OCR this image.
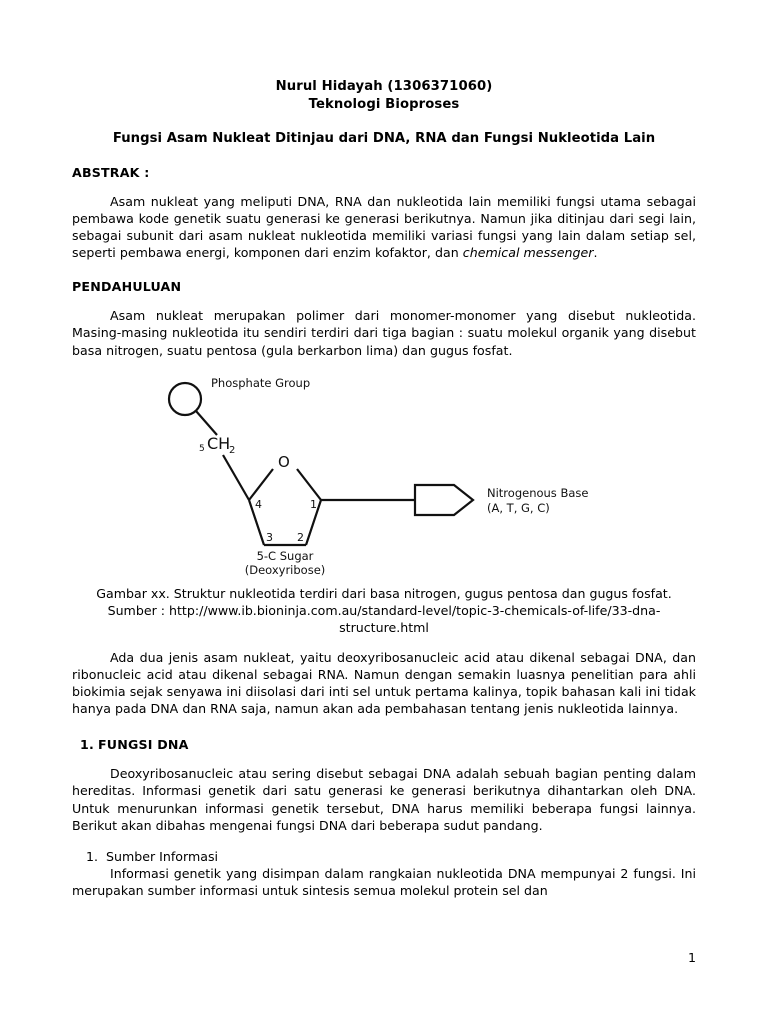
Nurul Hidayah (1306371060)
Teknologi Bioproses
Fungsi Asam Nukleat Ditinjau dari DNA, RNA dan Fungsi Nukleotida Lain
ABSTRAK :

Asam nukleat yang meliputi DNA, RNA dan nukleotida lain memiliki fungsi utama sebagai pembawa kode genetik suatu generasi ke generasi berikutnya. Namun jika ditinjau dari segi lain, sebagai subunit dari asam nukleat nukleotida memiliki variasi fungsi yang lain dalam setiap sel, seperti pembawa energi, komponen dari enzim kofaktor, dan chemical messenger.

PENDAHULUAN

Asam nukleat merupakan polimer dari monomer-monomer yang disebut nukleotida. Masing-masing nukleotida itu sendiri terdiri dari tiga bagian : suatu molekul organik yang disebut basa nitrogen, suatu pentosa (gula berkarbon lima) dan gugus fosfat.

Phosphate Group
5 CH
2
O
4	1
3 2
5-C Sugar
(Deoxyribose)
Nitrogenous Base
(A, T, G, C)
Gambar xx. Struktur nukleotida terdiri dari basa nitrogen, gugus pentosa dan gugus fosfat.
Sumber : http://www.ib.bioninja.com.au/standard-level/topic-3-chemicals-of-life/33-dna-structure.html

Ada dua jenis asam nukleat, yaitu deoxyribosanucleic acid atau dikenal sebagai DNA, dan ribonucleic acid atau dikenal sebagai RNA. Namun dengan semakin luasnya penelitian para ahli biokimia sejak senyawa ini diisolasi dari inti sel untuk pertama kalinya, topik bahasan kali ini tidak hanya pada DNA dan RNA saja, namun akan ada pembahasan tentang jenis nukleotida lainnya.

1. FUNGSI DNA

Deoxyribosanucleic atau sering disebut sebagai DNA adalah sebuah bagian penting dalam hereditas. Informasi genetik dari satu generasi ke generasi berikutnya dihantarkan oleh DNA. Untuk menurunkan informasi genetik tersebut, DNA harus memiliki beberapa fungsi lainnya. Berikut akan dibahas mengenai fungsi DNA dari beberapa sudut pandang.

1. Sumber Informasi

Informasi genetik yang disimpan dalam rangkaian nukleotida DNA mempunyai 2 fungsi. Ini merupakan sumber informasi untuk sintesis semua molekul protein sel dan

1
